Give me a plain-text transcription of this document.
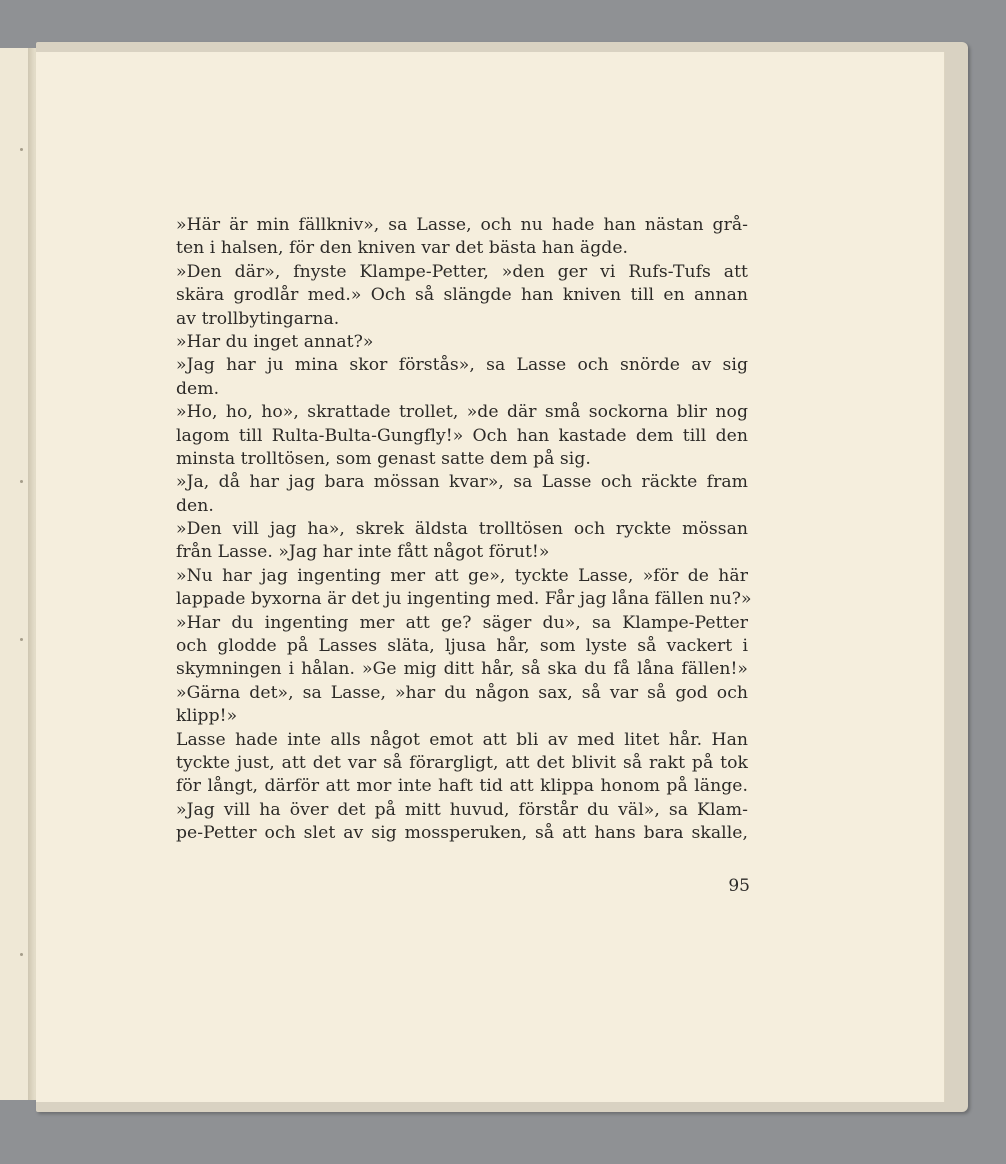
»Här är min fällkniv», sa Lasse, och nu hade han nästan grå-
ten i halsen, för den kniven var det bästa han ägde.
»Den där», fnyste Klampe-Petter, »den ger vi Rufs-Tufs att
skära grodlår med.» Och så slängde han kniven till en annan
av trollbytingarna.
»Har du inget annat?»
»Jag har ju mina skor förstås», sa Lasse och snörde av sig
dem.
»Ho, ho, ho», skrattade trollet, »de där små sockorna blir nog
lagom till Rulta-Bulta-Gungfly!» Och han kastade dem till den
minsta trolltösen, som genast satte dem på sig.
»Ja, då har jag bara mössan kvar», sa Lasse och räckte fram
den.
»Den vill jag ha», skrek äldsta trolltösen och ryckte mössan
från Lasse. »Jag har inte fått något förut!»
»Nu har jag ingenting mer att ge», tyckte Lasse, »för de här
lappade byxorna är det ju ingenting med. Får jag låna fällen nu?»
»Har du ingenting mer att ge? säger du», sa Klampe-Petter
och glodde på Lasses släta, ljusa hår, som lyste så vackert i
skymningen i hålan. »Ge mig ditt hår, så ska du få låna fällen!»
»Gärna det», sa Lasse, »har du någon sax, så var så god och
klipp!»
Lasse hade inte alls något emot att bli av med litet hår. Han
tyckte just, att det var så förargligt, att det blivit så rakt på tok
för långt, därför att mor inte haft tid att klippa honom på länge.
»Jag vill ha över det på mitt huvud, förstår du väl», sa Klam-
pe-Petter och slet av sig mossperuken, så att hans bara skalle,
95
